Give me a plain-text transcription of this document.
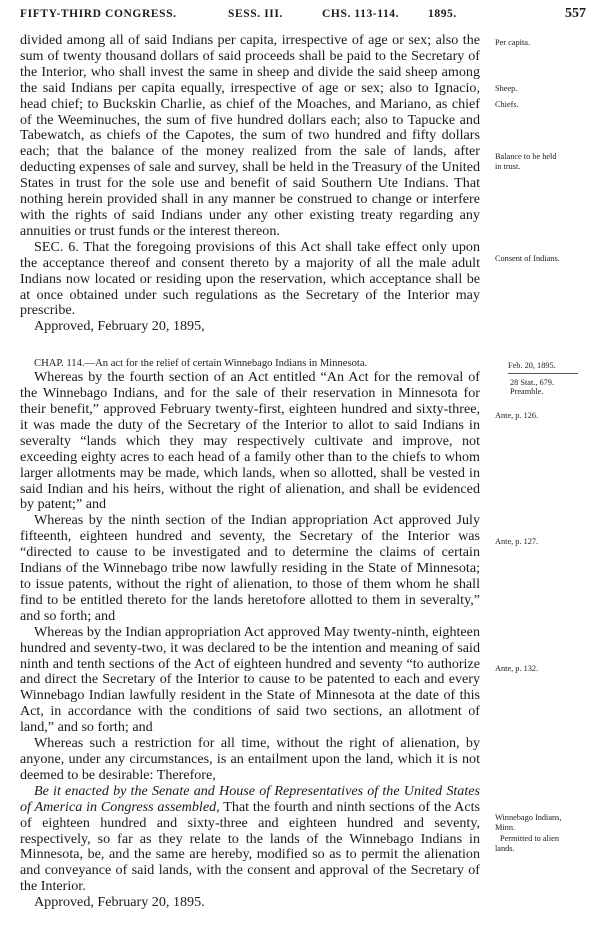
FIFTY-THIRD CONGRESS.	SESS. III.	CHS. 113-114.	1895.	557

divided among all of said Indians per capita, irrespective of age or sex; also the sum of twenty thousand dollars of said proceeds shall be paid to the Secretary of the Interior, who shall invest the same in sheep and divide the said sheep among the said Indians per capita equally, irrespective of age or sex; also to Ignacio, head chief; to Buckskin Charlie, as chief of the Moaches, and Mariano, as chief of the Weeminuches, the sum of five hundred dollars each; also to Tapucke and Tabewatch, as chiefs of the Capotes, the sum of two hundred and fifty dollars each; that the balance of the money realized from the sale of lands, after deducting expenses of sale and survey, shall be held in the Treasury of the United States in trust for the sole use and benefit of said Southern Ute Indians. That nothing herein provided shall in any manner be construed to change or interfere with the rights of said Indians under any other existing treaty regarding any annuities or trust funds or the interest thereon.

SEC. 6. That the foregoing provisions of this Act shall take effect only upon the acceptance thereof and consent thereto by a majority of all the male adult Indians now located or residing upon the reservation, which acceptance shall be at once obtained under such regulations as the Secretary of the Interior may prescribe.

Approved, February 20, 1895,

CHAP. 114.—An act for the relief of certain Winnebago Indians in Minnesota.

Whereas by the fourth section of an Act entitled “An Act for the removal of the Winnebago Indians, and for the sale of their reservation in Minnesota for their benefit,” approved February twenty-first, eighteen hundred and sixty-three, it was made the duty of the Secretary of the Interior to allot to said Indians in severalty “lands which they may respectively cultivate and improve, not exceeding eighty acres to each head of a family other than to the chiefs to whom larger allotments may be made, which lands, when so allotted, shall be vested in said Indian and his heirs, without the right of alienation, and shall be evidenced by patent;” and

Whereas by the ninth section of the Indian appropriation Act approved July fifteenth, eighteen hundred and seventy, the Secretary of the Interior was “directed to cause to be investigated and to determine the claims of certain Indians of the Winnebago tribe now lawfully residing in the State of Minnesota; to issue patents, without the right of alienation, to those of them whom he shall find to be entitled thereto for the lands heretofore allotted to them in severalty,” and so forth; and

Whereas by the Indian appropriation Act approved May twenty-ninth, eighteen hundred and seventy-two, it was declared to be the intention and meaning of said ninth and tenth sections of the Act of eighteen hundred and seventy “to authorize and direct the Secretary of the Interior to cause to be patented to each and every Winnebago Indian lawfully resident in the State of Minnesota at the date of this Act, in accordance with the conditions of said two sections, an allotment of land,” and so forth; and

Whereas such a restriction for all time, without the right of alienation, by anyone, under any circumstances, is an entailment upon the land, which it is not deemed to be desirable: Therefore,

Be it enacted by the Senate and House of Representatives of the United States of America in Congress assembled, That the fourth and ninth sections of the Acts of eighteen hundred and sixty-three and eighteen hundred and seventy, respectively, so far as they relate to the lands of the Winnebago Indians in Minnesota, be, and the same are hereby, modified so as to permit the alienation and conveyance of said lands, with the consent and approval of the Secretary of the Interior.

Approved, February 20, 1895.

Per capita.
Sheep.
Chiefs.
Balance to be held
in trust.
Consent of Indians.
Feb. 20, 1895.
28 Stat., 679.
Preamble.
Ante, p. 126.
Ante, p. 127.
Ante, p. 132.
Winnebago Indians,
Minn.
Permitted to alien
lands.
